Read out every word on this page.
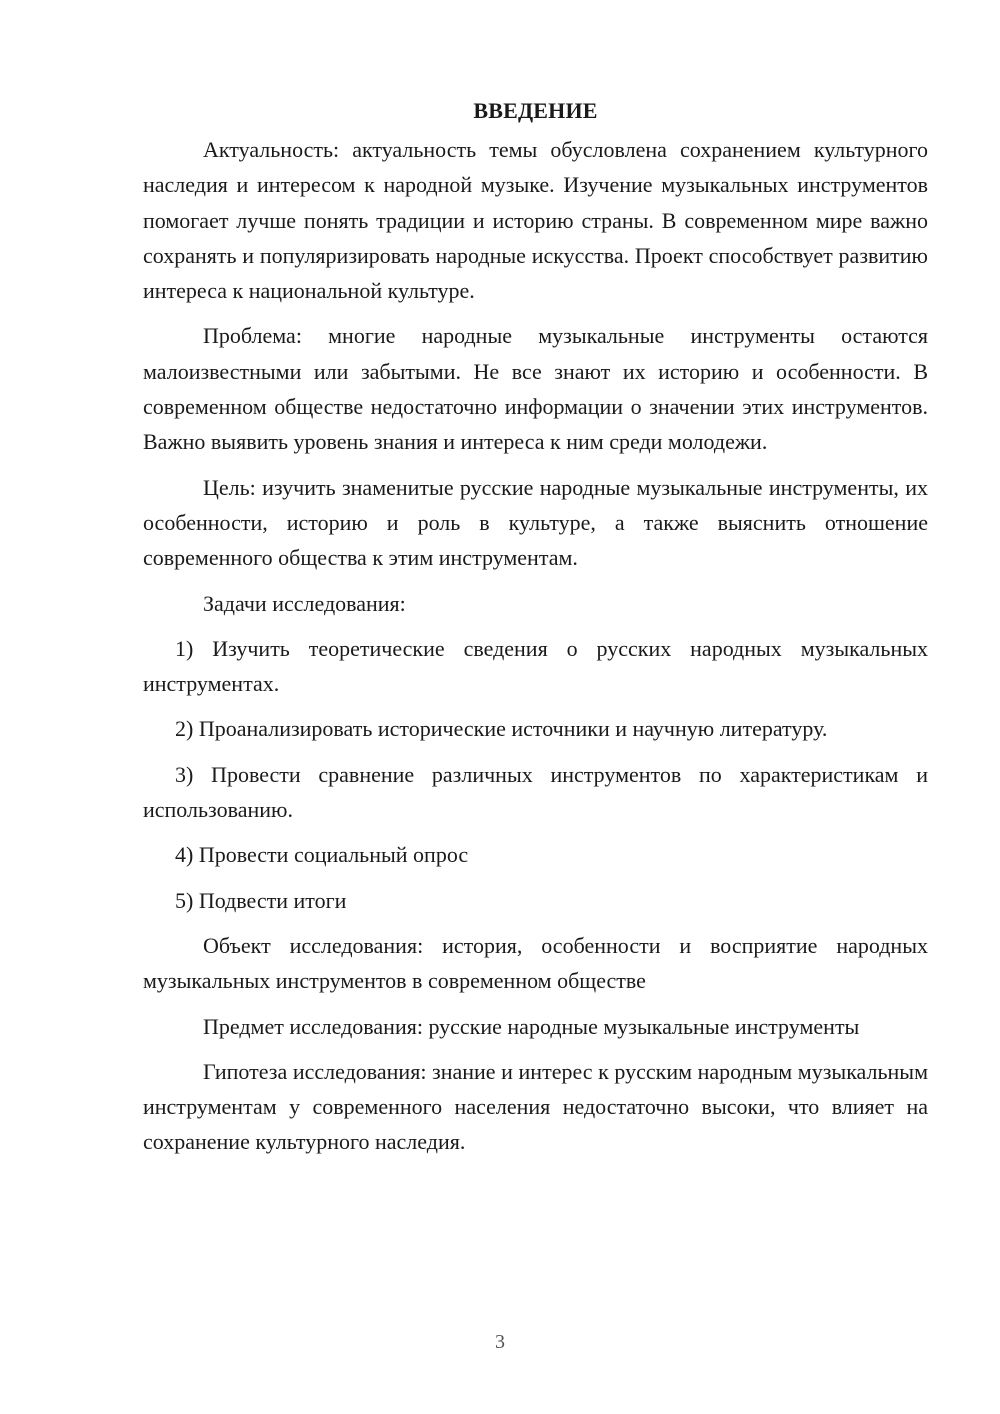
ВВЕДЕНИЕ

Актуальность: актуальность темы обусловлена сохранением культурного наследия и интересом к народной музыке. Изучение музыкальных инструментов помогает лучше понять традиции и историю страны. В современном мире важно сохранять и популяризировать народные искусства. Проект способствует развитию интереса к национальной культуре.

Проблема: многие народные музыкальные инструменты остаются малоизвестными или забытыми. Не все знают их историю и особенности. В современном обществе недостаточно информации о значении этих инструментов. Важно выявить уровень знания и интереса к ним среди молодежи.

Цель: изучить знаменитые русские народные музыкальные инструменты, их особенности, историю и роль в культуре, а также выяснить отношение современного общества к этим инструментам.

Задачи исследования:

1) Изучить теоретические сведения о русских народных музыкальных инструментах.

2) Проанализировать исторические источники и научную литературу.

3) Провести сравнение различных инструментов по характеристикам и использованию.

4) Провести социальный опрос

5) Подвести итоги

Объект исследования: история, особенности и восприятие народных музыкальных инструментов в современном обществе

Предмет исследования: русские народные музыкальные инструменты

Гипотеза исследования: знание и интерес к русским народным музыкальным инструментам у современного населения недостаточно высоки, что влияет на сохранение культурного наследия.

3
